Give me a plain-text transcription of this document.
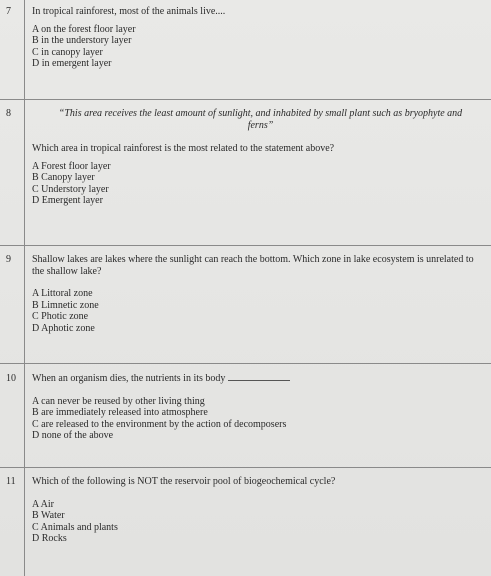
7 In tropical rainforest, most of the animals live....

A on the forest floor layer
B in the understory layer
C in canopy layer
D in emergent layer
8	“This area receives the least amount of sunlight, and inhabited by small plant such as bryophyte and ferns”

Which area in tropical rainforest is the most related to the statement above?

A Forest floor layer
B Canopy layer
C Understory layer
D Emergent layer
9 Shallow lakes are lakes where the sunlight can reach the bottom. Which zone in lake ecosystem is unrelated to the shallow lake?

A Littoral zone
B Limnetic zone
C Photic zone
D Aphotic zone
10 When an organism dies, the nutrients in its body

A can never be reused by other living thing
B are immediately released into atmosphere
C are released to the environment by the action of decomposers
D none of the above
11 Which of the following is NOT the reservoir pool of biogeochemical cycle?

A Air
B Water
C Animals and plants
D Rocks
